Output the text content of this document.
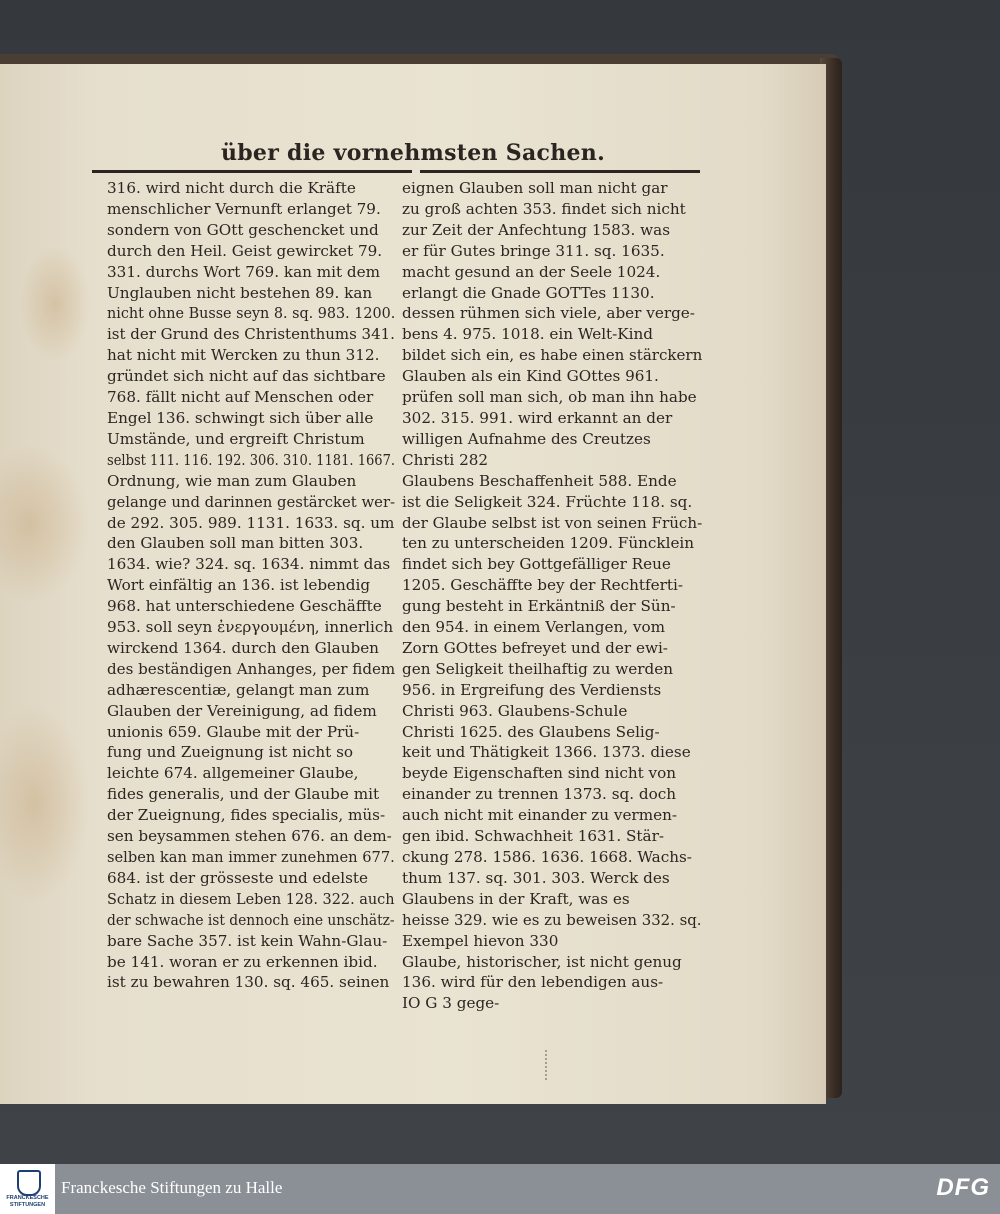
über die vornehmsten Sachen.
316. wird nicht durch die Kräfte
menschlicher Vernunft erlanget 79.
sondern von GOtt geschencket und
durch den Heil. Geist gewircket 79.
331. durchs Wort 769. kan mit dem
Unglauben nicht bestehen 89. kan
nicht ohne Busse seyn 8. sq. 983. 1200.
ist der Grund des Christenthums 341.
hat nicht mit Wercken zu thun 312.
gründet sich nicht auf das sichtbare
768. fällt nicht auf Menschen oder
Engel 136. schwingt sich über alle
Umstände, und ergreift Christum
selbst 111. 116. 192. 306. 310. 1181. 1667.
Ordnung, wie man zum Glauben
gelange und darinnen gestärcket wer-
de 292. 305. 989. 1131. 1633. sq. um
den Glauben soll man bitten 303.
1634. wie? 324. sq. 1634. nimmt das
Wort einfältig an 136. ist lebendig
968. hat unterschiedene Geschäffte
953. soll seyn ἐνεργουμένη, innerlich
wirckend 1364. durch den Glauben
des beständigen Anhanges, per fidem
adhærescentiæ, gelangt man zum
Glauben der Vereinigung, ad fidem
unionis 659. Glaube mit der Prü-
fung und Zueignung ist nicht so
leichte 674. allgemeiner Glaube,
fides generalis, und der Glaube mit
der Zueignung, fides specialis, müs-
sen beysammen stehen 676. an dem-
selben kan man immer zunehmen 677.
684. ist der grösseste und edelste
Schatz in diesem Leben 128. 322. auch
der schwache ist dennoch eine unschätz-
bare Sache 357. ist kein Wahn-Glau-
be 141. woran er zu erkennen ibid.
ist zu bewahren 130. sq. 465. seinen
eignen Glauben soll man nicht gar
zu groß achten 353. findet sich nicht
zur Zeit der Anfechtung 1583. was
er für Gutes bringe 311. sq. 1635.
macht gesund an der Seele 1024.
erlangt die Gnade GOTTes 1130.
dessen rühmen sich viele, aber verge-
bens 4. 975. 1018. ein Welt-Kind
bildet sich ein, es habe einen stärckern
Glauben als ein Kind GOttes 961.
prüfen soll man sich, ob man ihn habe
302. 315. 991. wird erkannt an der
willigen Aufnahme des Creutzes
Christi 282
Glaubens Beschaffenheit 588. Ende
ist die Seligkeit 324. Früchte 118. sq.
der Glaube selbst ist von seinen Früch-
ten zu unterscheiden 1209. Füncklein
findet sich bey Gottgefälliger Reue
1205. Geschäffte bey der Rechtferti-
gung besteht in Erkäntniß der Sün-
den 954. in einem Verlangen, vom
Zorn GOttes befreyet und der ewi-
gen Seligkeit theilhaftig zu werden
956. in Ergreifung des Verdiensts
Christi 963. Glaubens-Schule
Christi 1625. des Glaubens Selig-
keit und Thätigkeit 1366. 1373. diese
beyde Eigenschaften sind nicht von
einander zu trennen 1373. sq. doch
auch nicht mit einander zu vermen-
gen ibid. Schwachheit 1631. Stär-
ckung 278. 1586. 1636. 1668. Wachs-
thum 137. sq. 301. 303. Werck des
Glaubens in der Kraft, was es
heisse 329. wie es zu beweisen 332. sq.
Exempel hievon 330
Glaube, historischer, ist nicht genug
136. wird für den lebendigen aus-
IO G 3 gege-
FRANCKESCHE STIFTUNGEN
Franckesche Stiftungen zu Halle	DFG
